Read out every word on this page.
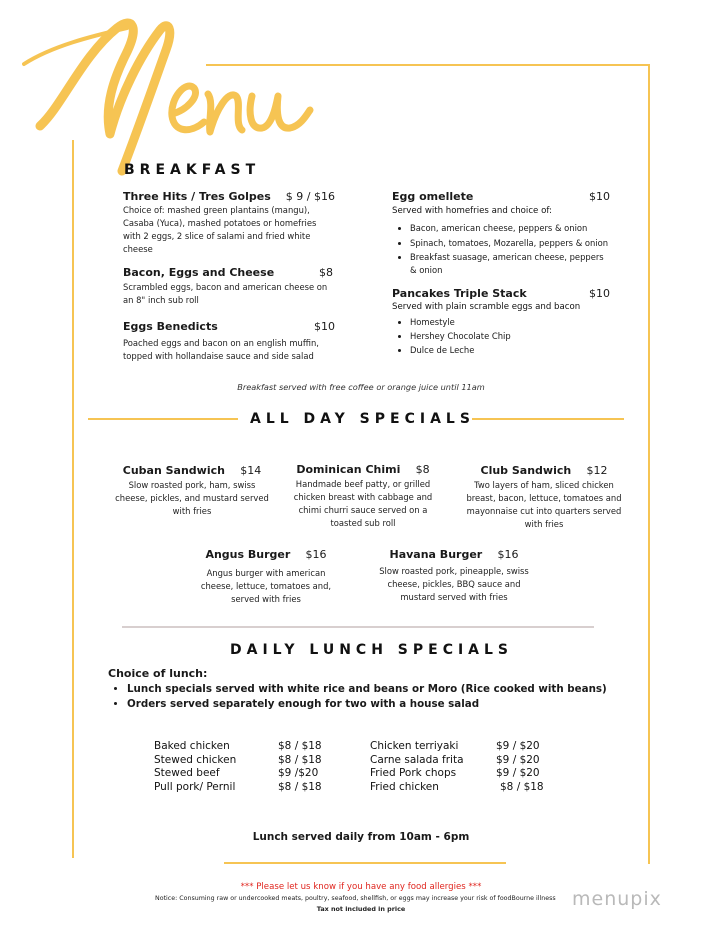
BREAKFAST
Three Hits / Tres Golpes $ 9 / $16
Choice of: mashed green plantains (mangu), Casaba (Yuca), mashed potatoes or homefries with 2 eggs, 2 slice of salami and fried white cheese
Bacon, Eggs and Cheese	$8
Scrambled eggs, bacon and american cheese on an 8" inch sub roll
Eggs Benedicts	$10
Poached eggs and bacon on an english muffin, topped with hollandaise sauce and side salad
Egg omellete	$10
Served with homefries and choice of:
• Bacon, american cheese, peppers & onion
• Spinach, tomatoes, Mozarella, peppers & onion
• Breakfast suasage, american cheese, peppers & onion
Pancakes Triple Stack	$10
Served with plain scramble eggs and bacon
• Homestyle
• Hershey Chocolate Chip
• Dulce de Leche
Breakfast served with free coffee or orange juice until 11am
ALL DAY SPECIALS
Cuban Sandwich $14
Slow roasted pork, ham, swiss cheese, pickles, and mustard served with fries
Dominican Chimi $8
Handmade beef patty, or grilled chicken breast with cabbage and chimi churri sauce served on a toasted sub roll
Club Sandwich $12
Two layers of ham, sliced chicken breast, bacon, lettuce, tomatoes and mayonnaise cut into quarters served with fries
Angus Burger $16
Angus burger with american cheese, lettuce, tomatoes and, served with fries
Havana Burger $16
Slow roasted pork, pineapple, swiss cheese, pickles, BBQ sauce and mustard served with fries
DAILY LUNCH SPECIALS
Choice of lunch:
• Lunch specials served with white rice and beans or Moro (Rice cooked with beans)
• Orders served separately enough for two with a house salad
Baked chicken	$8 / $18
Stewed chicken	$8 / $18
Stewed beef	$9 /$20
Pull pork/ Pernil	$8 / $18
Chicken terriyaki	$9 / $20
Carne salada frita	$9 / $20
Fried Pork chops	$9 / $20
Fried chicken	$8 / $18
Lunch served daily from 10am - 6pm
*** Please let us know if you have any food allergies ***
Notice: Consuming raw or undercooked meats, poultry, seafood, shellfish, or eggs may increase your risk of foodBourne illness
Tax not included in price	menupix
